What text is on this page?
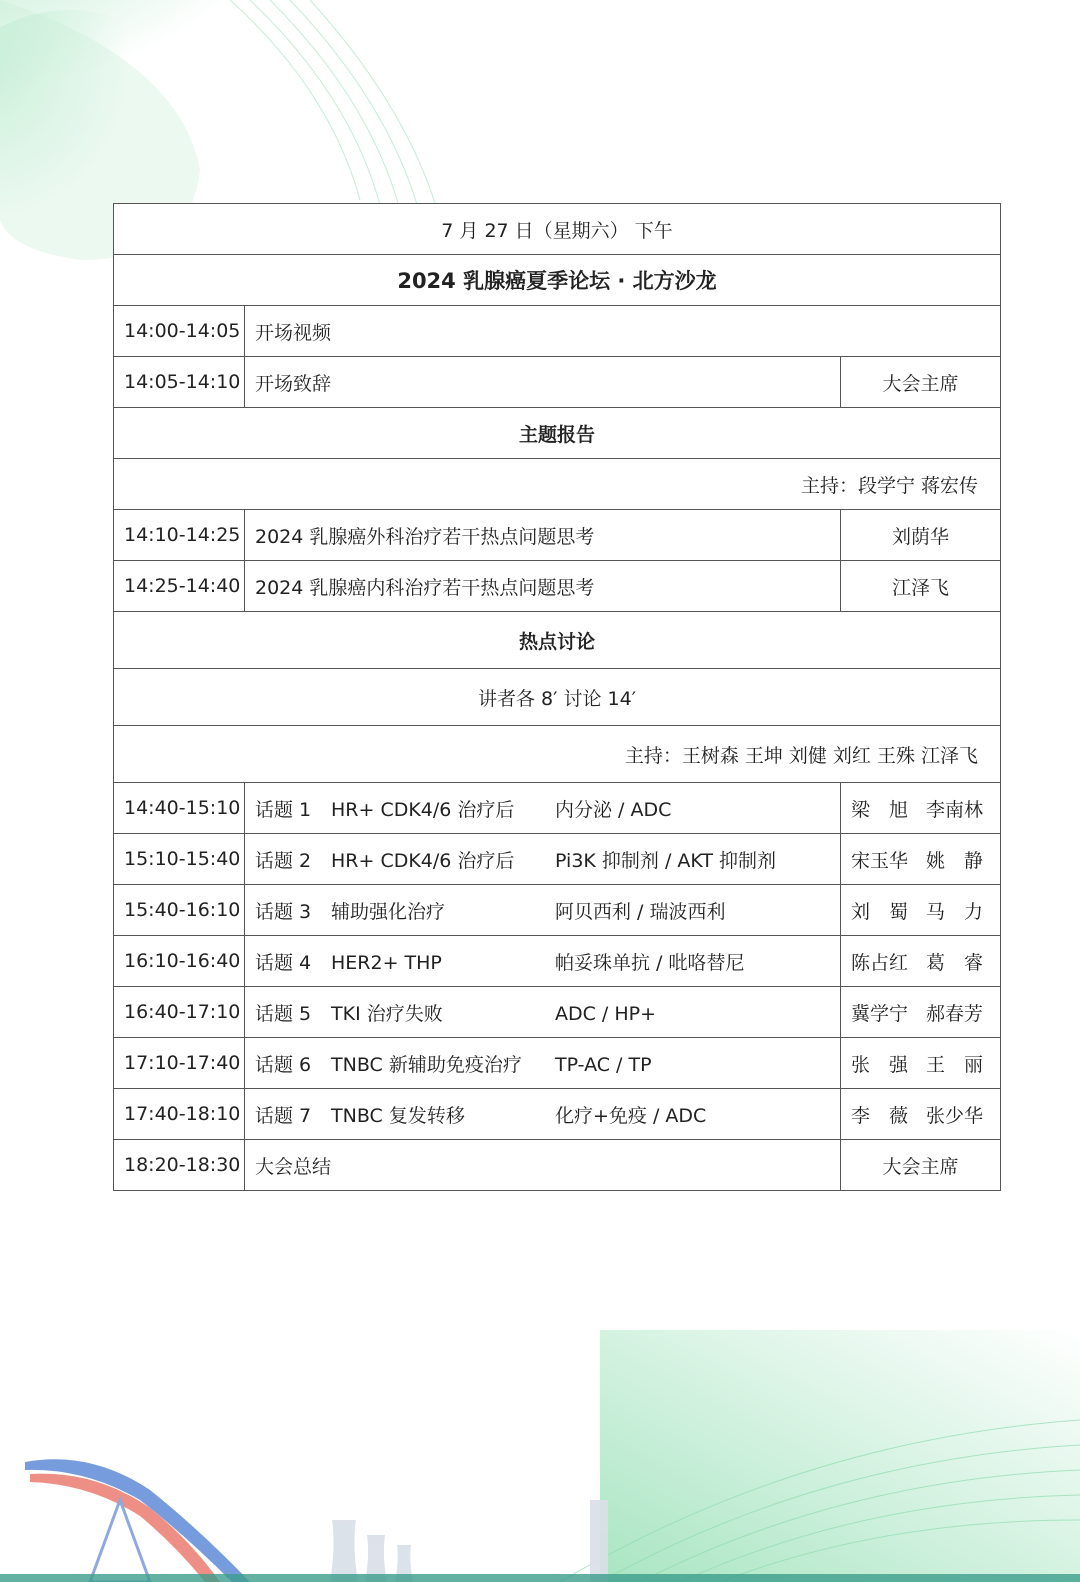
7 月 27 日（星期六） 下午		
2024 乳腺癌夏季论坛 · 北方沙龙		
14:00-14:05	开场视频	
14:05-14:10	开场致辞	大会主席
主题报告		
主持：段学宁 蒋宏传		
14:10-14:25	2024 乳腺癌外科治疗若干热点问题思考	刘荫华
14:25-14:40	2024 乳腺癌内科治疗若干热点问题思考	江泽飞
热点讨论		
讲者各 8′ 讨论 14′		
主持：王树森 王坤 刘健 刘红 王殊 江泽飞		
14:40-15:10	话题 1 HR+ CDK4/6 治疗后 内分泌 / ADC	梁　旭 李南林
15:10-15:40	话题 2 HR+ CDK4/6 治疗后 Pi3K 抑制剂 / AKT 抑制剂	宋玉华 姚　静
15:40-16:10	话题 3 辅助强化治疗 阿贝西利 / 瑞波西利	刘　蜀 马　力
16:10-16:40	话题 4 HER2+ THP 帕妥珠单抗 / 吡咯替尼	陈占红 葛　睿
16:40-17:10	话题 5 TKI 治疗失败 ADC / HP+	冀学宁 郝春芳
17:10-17:40	话题 6 TNBC 新辅助免疫治疗 TP-AC / TP	张　强 王　丽
17:40-18:10	话题 7 TNBC 复发转移 化疗+免疫 / ADC	李　薇 张少华
18:20-18:30	大会总结	大会主席
